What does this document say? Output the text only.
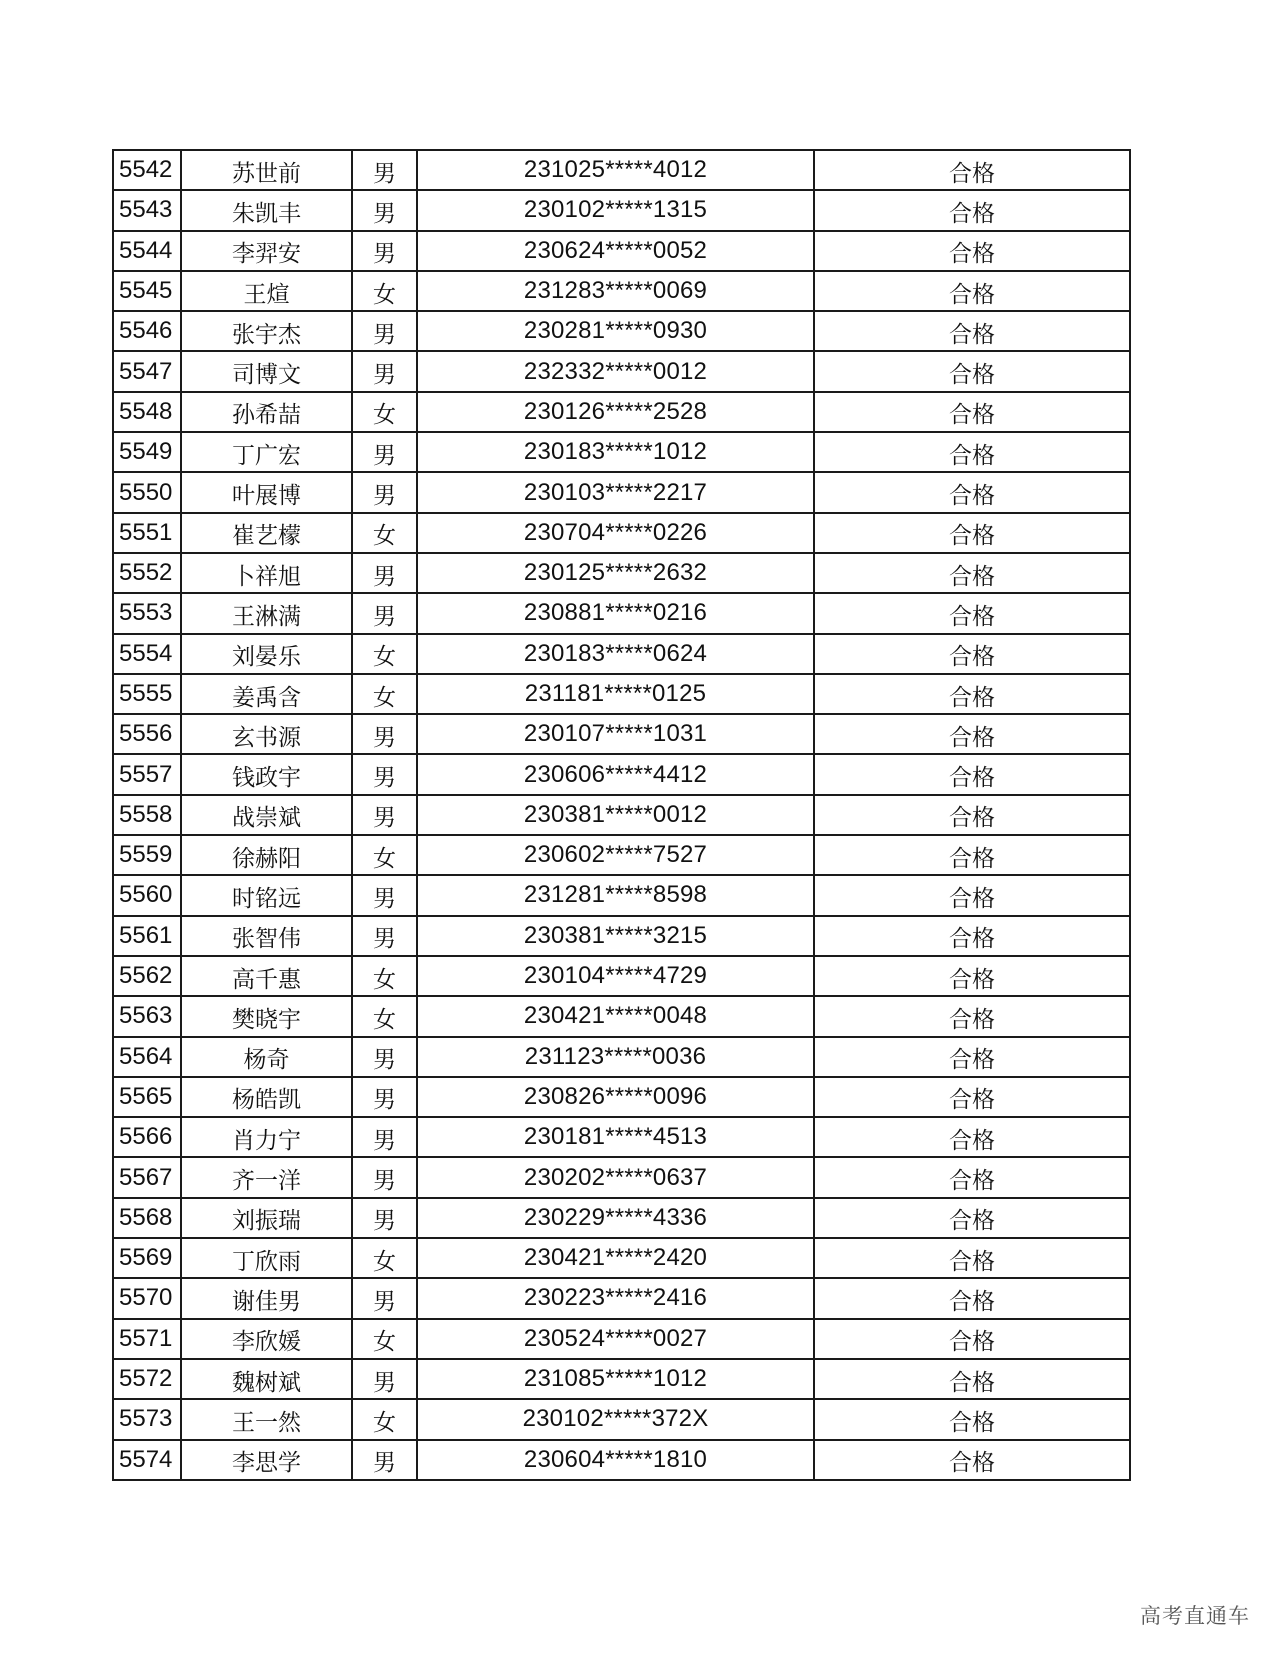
5542	苏世前	男	231025*****4012	合格
5543	朱凯丰	男	230102*****1315	合格
5544	李羿安	男	230624*****0052	合格
5545	王煊	女	231283*****0069	合格
5546	张宇杰	男	230281*****0930	合格
5547	司博文	男	232332*****0012	合格
5548	孙希喆	女	230126*****2528	合格
5549	丁广宏	男	230183*****1012	合格
5550	叶展博	男	230103*****2217	合格
5551	崔艺檬	女	230704*****0226	合格
5552	卜祥旭	男	230125*****2632	合格
5553	王淋满	男	230881*****0216	合格
5554	刘晏乐	女	230183*****0624	合格
5555	姜禹含	女	231181*****0125	合格
5556	玄书源	男	230107*****1031	合格
5557	钱政宇	男	230606*****4412	合格
5558	战崇斌	男	230381*****0012	合格
5559	徐赫阳	女	230602*****7527	合格
5560	时铭远	男	231281*****8598	合格
5561	张智伟	男	230381*****3215	合格
5562	高千惠	女	230104*****4729	合格
5563	樊晓宇	女	230421*****0048	合格
5564	杨奇	男	231123*****0036	合格
5565	杨皓凯	男	230826*****0096	合格
5566	肖力宁	男	230181*****4513	合格
5567	齐一洋	男	230202*****0637	合格
5568	刘振瑞	男	230229*****4336	合格
5569	丁欣雨	女	230421*****2420	合格
5570	谢佳男	男	230223*****2416	合格
5571	李欣媛	女	230524*****0027	合格
5572	魏树斌	男	231085*****1012	合格
5573	王一然	女	230102*****372X	合格
5574	李思学	男	230604*****1810	合格
高考直通车
